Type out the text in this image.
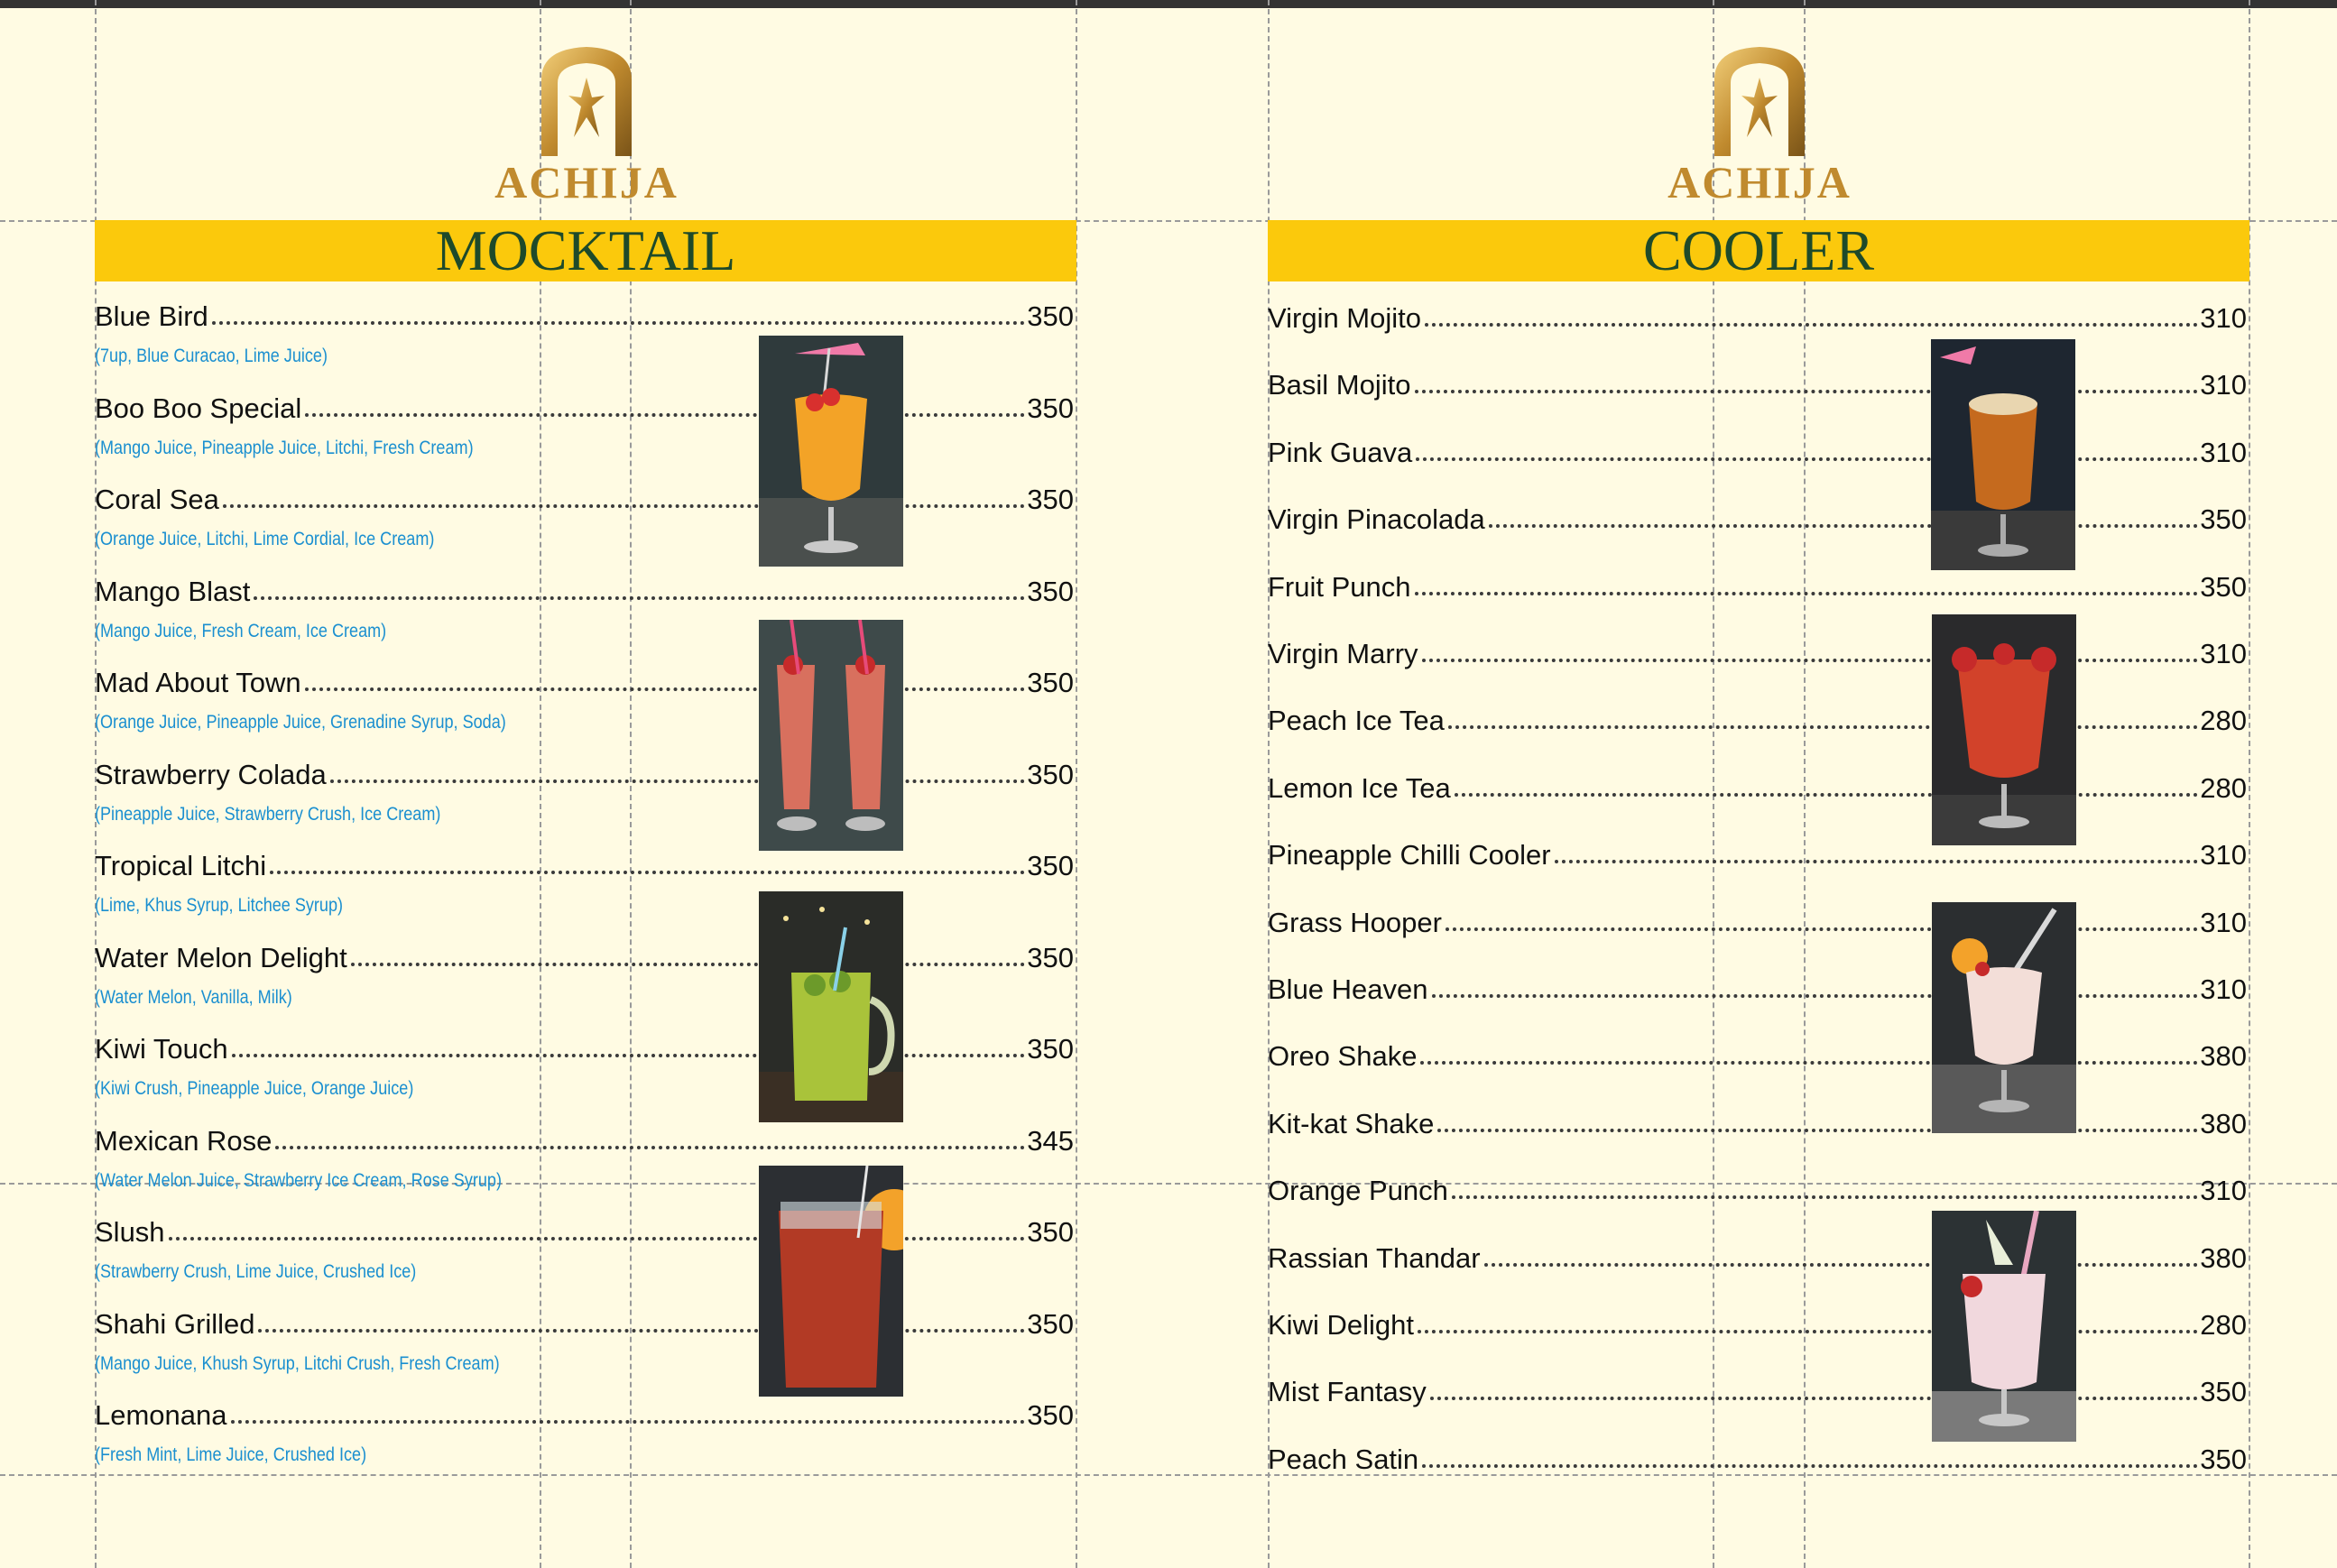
ACHIJA
MOCKTAIL
Blue Bird	350
(7up, Blue Curacao, Lime Juice)
Boo Boo Special	350
(Mango Juice, Pineapple Juice, Litchi, Fresh Cream)
Coral Sea	350
(Orange Juice, Litchi, Lime Cordial, Ice Cream)
Mango Blast	350
(Mango Juice, Fresh Cream, Ice Cream)
Mad About Town	350
(Orange Juice, Pineapple Juice, Grenadine Syrup, Soda)
Strawberry Colada	350
(Pineapple Juice, Strawberry Crush, Ice Cream)
Tropical Litchi	350
(Lime, Khus Syrup, Litchee Syrup)
Water Melon Delight	350
(Water Melon, Vanilla, Milk)
Kiwi Touch	350
(Kiwi Crush, Pineapple Juice, Orange Juice)
Mexican Rose	345
(Water Melon Juice, Strawberry Ice Cream, Rose Syrup)
Slush	350
(Strawberry Crush, Lime Juice, Crushed Ice)
Shahi Grilled	350
(Mango Juice, Khush Syrup, Litchi Crush, Fresh Cream)
Lemonana	350
(Fresh Mint, Lime Juice, Crushed Ice)
ACHIJA
COOLER
Virgin Mojito	310
Basil Mojito	310
Pink Guava	310
Virgin Pinacolada	350
Fruit Punch	350
Virgin Marry	310
Peach Ice Tea	280
Lemon Ice Tea	280
Pineapple Chilli Cooler	310
Grass Hooper	310
Blue Heaven	310
Oreo Shake	380
Kit-kat Shake	380
Orange Punch	310
Rassian Thandar	380
Kiwi Delight	280
Mist Fantasy	350
Peach Satin	350
